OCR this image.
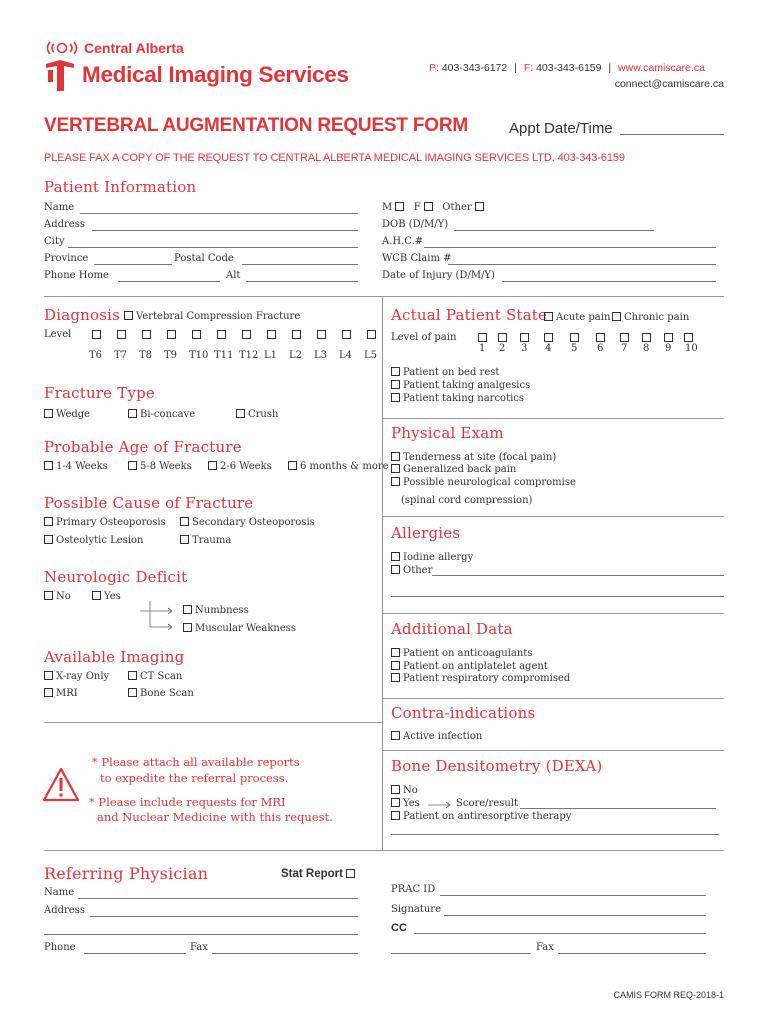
Central Alberta
Medical Imaging Services	P: 403-343-6172 | F: 403-343-6159 | www.camiscare.ca
connect@camiscare.ca
VERTEBRAL AUGMENTATION REQUEST FORM	Appt Date/Time
PLEASE FAX A COPY OF THE REQUEST TO CENTRAL ALBERTA MEDICAL IMAGING SERVICES LTD. 403-343-6159
Patient Information
Name
Address
City
Province	Postal Code
Phone Home	Alt
M F Other
DOB (D/M/Y)
A.H.C.#
WCB Claim #
Date of Injury (D/M/Y)
Diagnosis	Vertebral Compression Fracture
Level
T6 T7 T8 T9 T10 T11 T12 L1 L2 L3 L4 L5
Actual Patient State Acute pain	Chronic pain
Level of pain
1 2 3 4 5 6 7 8 9 10
Patient on bed rest
Patient taking analgesics
Patient taking narcotics
Fracture Type
Wedge	Bi-concave	Crush
Physical Exam
Tenderness at site (focal pain)
Generalized back pain
Possible neurological compromise
(spinal cord compression)
Probable Age of Fracture
1-4 Weeks	5-8 Weeks	2-6 Weeks	6 months & more
Possible Cause of Fracture
Primary Osteoporosis	Secondary Osteoporosis
Osteolytic Lesion	Trauma	Allergies
Iodine allergy
Other
Neurologic Deficit
No	Yes
Numbness
Muscular Weakness	Additional Data
Patient on anticoagulants
Patient on antiplatelet agent
Patient respiratory compromised
Available Imaging
X-ray Only	CT Scan
MRI	Bone Scan
Contra-indications
Active infection
* Please attach all available reports
to expedite the referral process.
* Please include requests for MRI
and Nuclear Medicine with this request.
Bone Densitometry (DEXA)
No
Yes	Score/result
Patient on antiresorptive therapy
Referring Physician	Stat Report
Name
Address
Phone	Fax
PRAC ID
Signature
CC
Fax
CAMIS FORM REQ-2018-1
